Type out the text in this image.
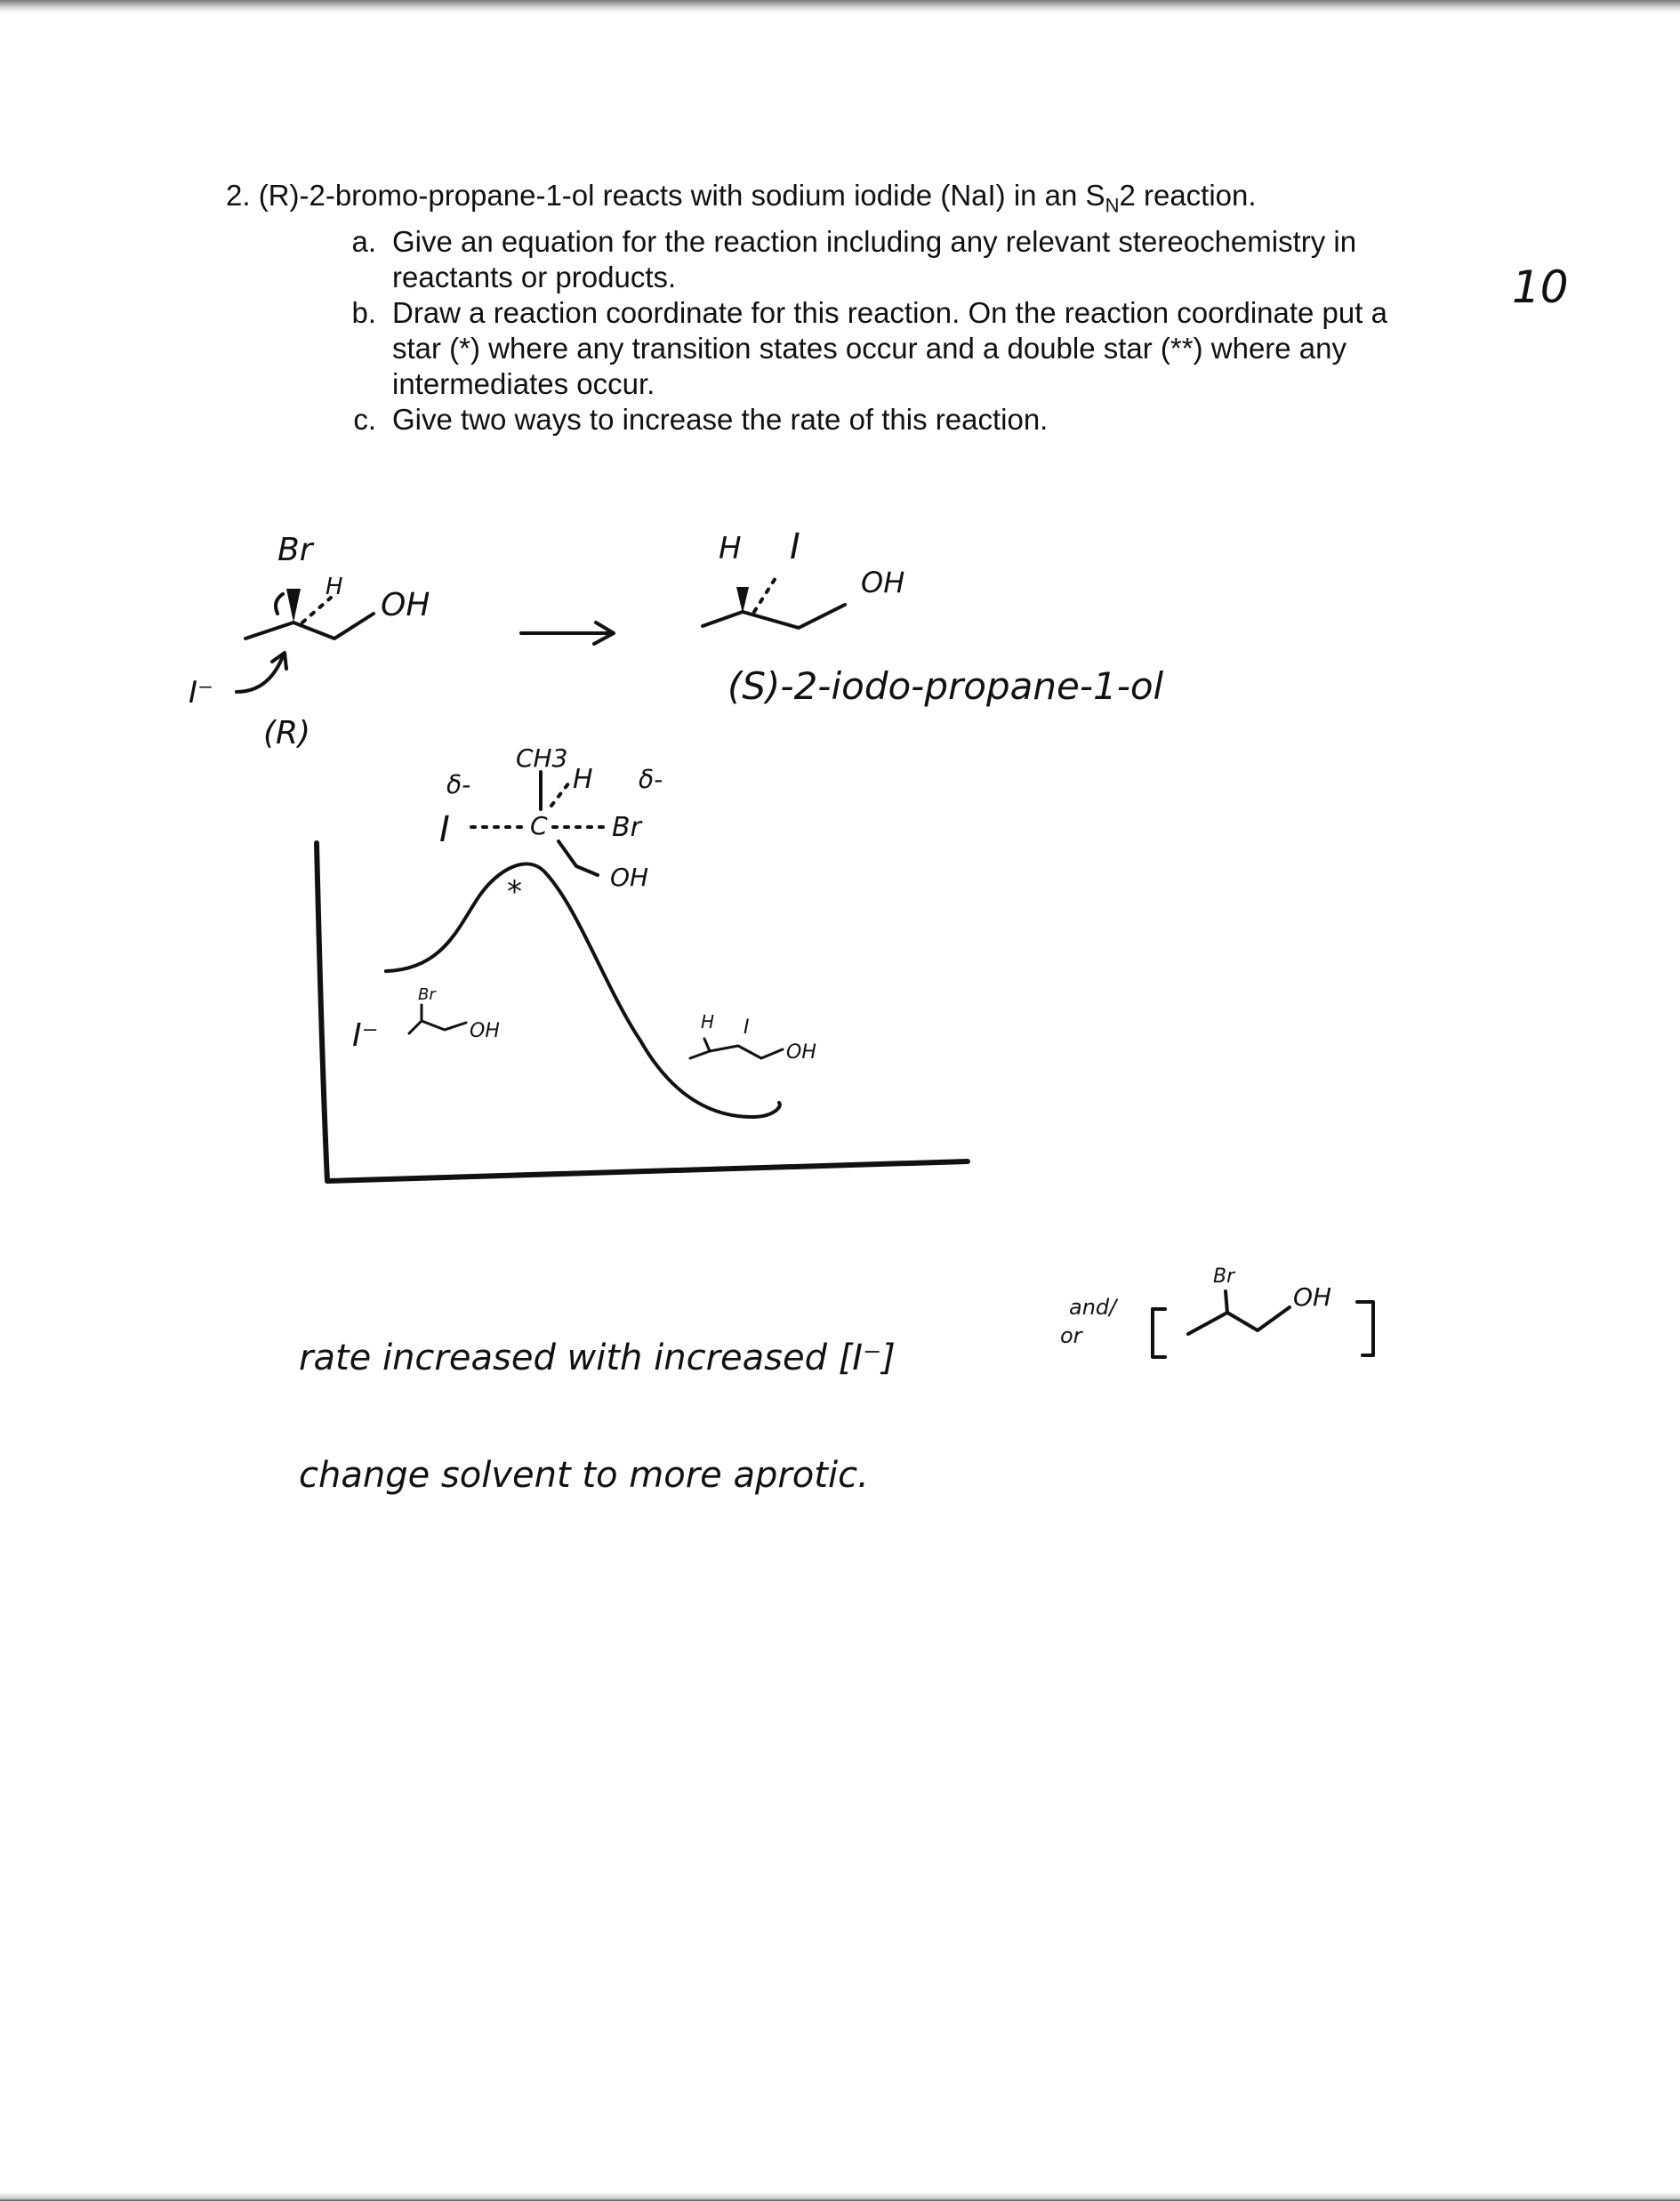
2. (R)-2-bromo-propane-1-ol reacts with sodium iodide (NaI) in an $S_N2$ reaction.

a. Give an equation for the reaction including any relevant stereochemistry in reactants or products.
b. Draw a reaction coordinate for this reaction. On the reaction coordinate put a star (*) where any transition states occur and a double star (**) where any intermediates occur.
c. Give two ways to increase the rate of this reaction.
10
Br
H OH
I⁻
(R)
H I
OH
(S)-2-iodo-propane-1-ol
CH3
δ-	H δ-
I	C Br
OH
*
I⁻
Br
OH	H I
OH
rate increased with increased [I⁻]
and/
or
Br
OH
change solvent to more aprotic.
